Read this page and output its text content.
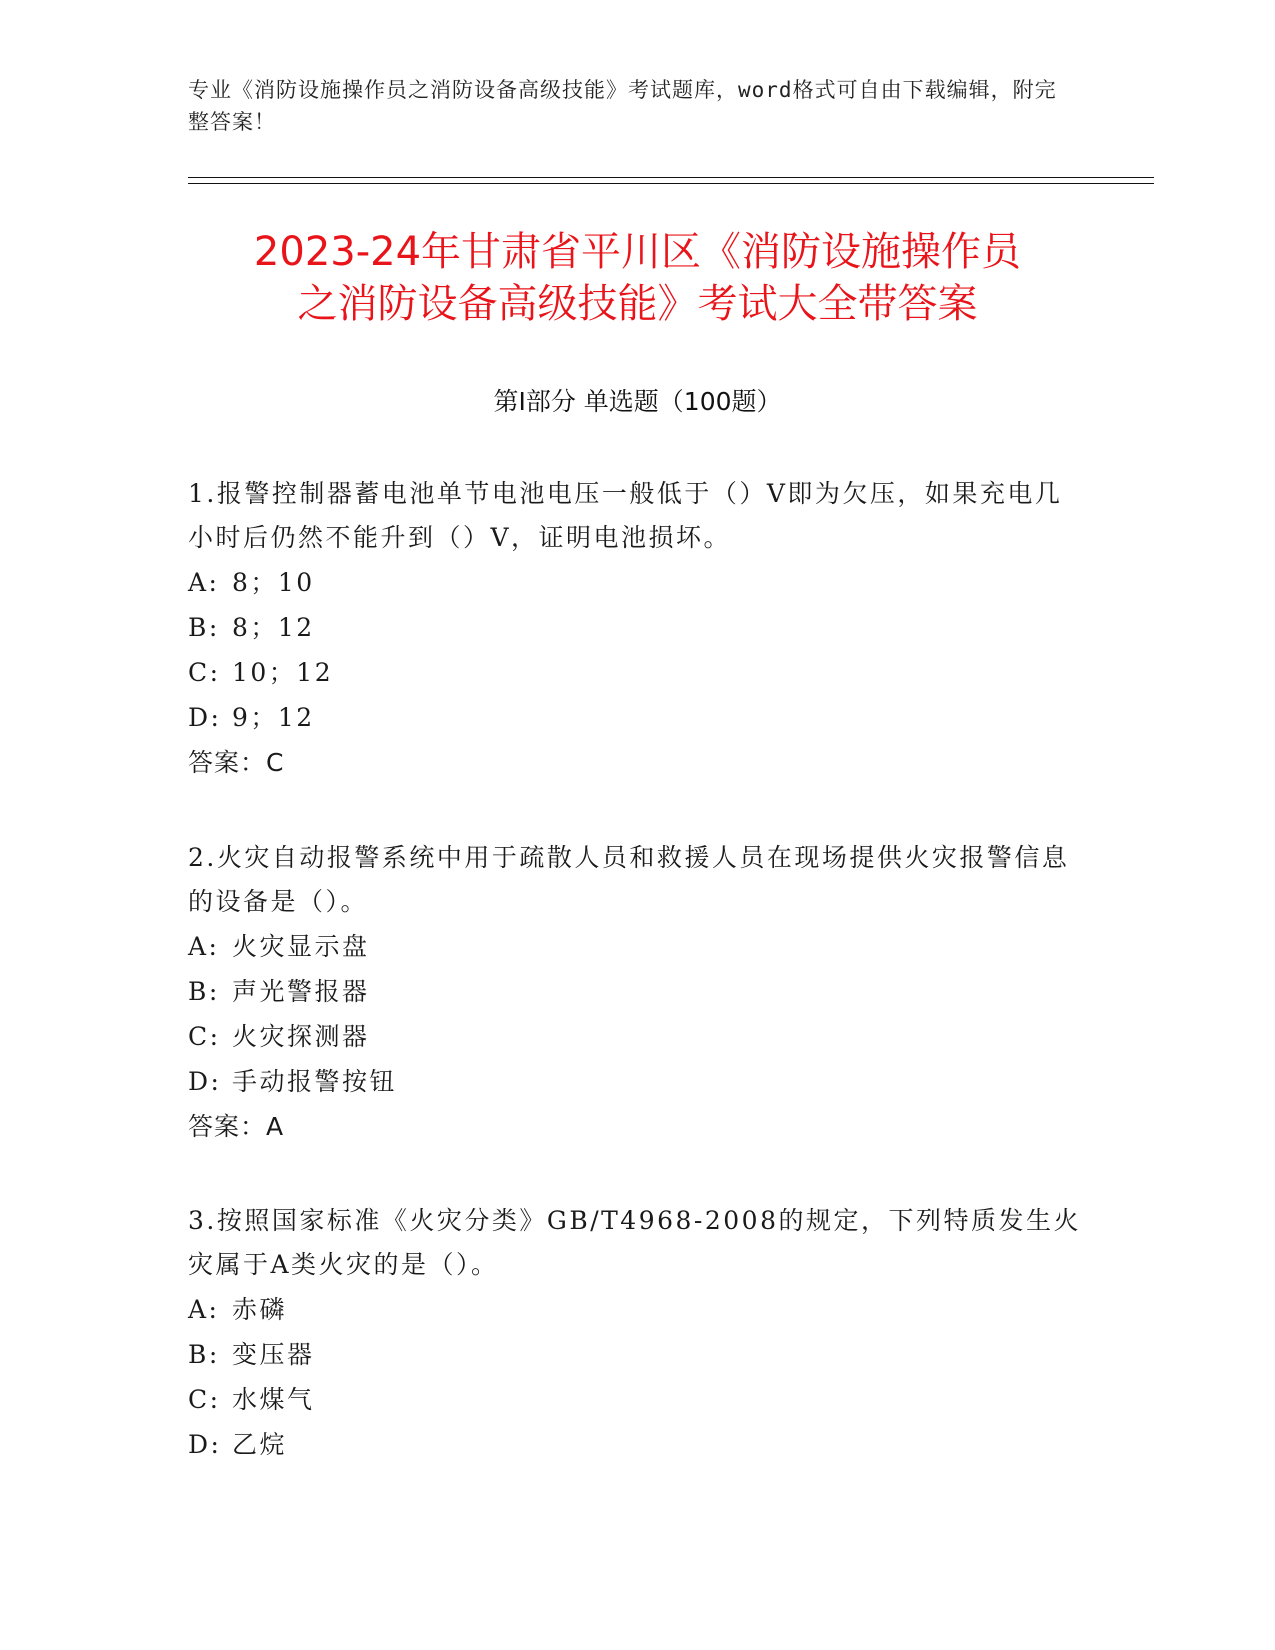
专业《消防设施操作员之消防设备高级技能》考试题库，word格式可自由下载编辑，附完整答案！
2023-24年甘肃省平川区《消防设施操作员
之消防设备高级技能》考试大全带答案
第I部分 单选题（100题）
1.报警控制器蓄电池单节电池电压一般低于（）V即为欠压，如果充电几小时后仍然不能升到（）V，证明电池损坏。
A: 8；10
B: 8；12
C: 10；12
D: 9；12
答案：C
2.火灾自动报警系统中用于疏散人员和救援人员在现场提供火灾报警信息的设备是（）。
A: 火灾显示盘
B: 声光警报器
C: 火灾探测器
D: 手动报警按钮
答案：A
3.按照国家标准《火灾分类》GB/T4968-2008的规定，下列特质发生火灾属于A类火灾的是（）。
A: 赤磷
B: 变压器
C: 水煤气
D: 乙烷
